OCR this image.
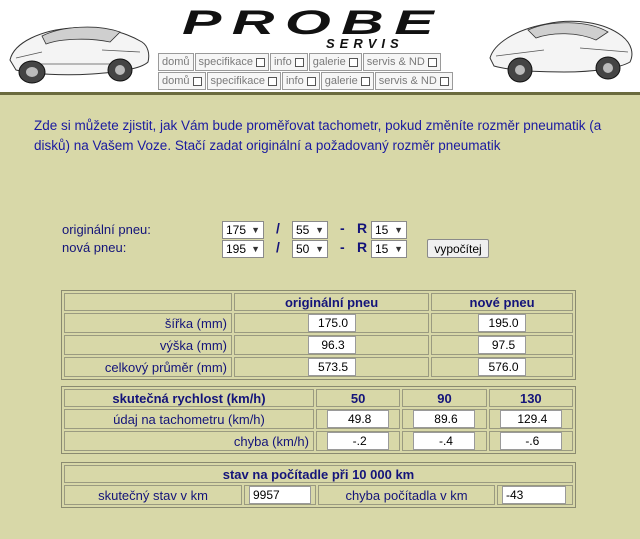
PROBE
SERVIS
domů specifikace info galerie servis & ND
domů specifikace info galerie servis & ND
Zde si můžete zjistit, jak Vám bude proměřovat tachometr, pokud změníte rozměr pneumatik (a disků) na Vašem Voze. Stačí zadat originální a požadovaný rozměr pneumatik
originální pneu:
nová pneu:
175 ▼ /	55 ▼ - R 15 ▼
195 ▼ /	50 ▼ - R 15 ▼	vypočítej
	originální pneu	nové pneu
šířka (mm)	175.0	195.0
výška (mm)	96.3	97.5
celkový průměr (mm)	573.5	576.0
skutečná rychlost (km/h)	50	90	130
údaj na tachometru (km/h)	49.8	89.6	129.4
chyba (km/h)	-.2	-.4	-.6
stav na počítadle při 10 000 km
skutečný stav v km	9957	chyba počítadla v km	-43
